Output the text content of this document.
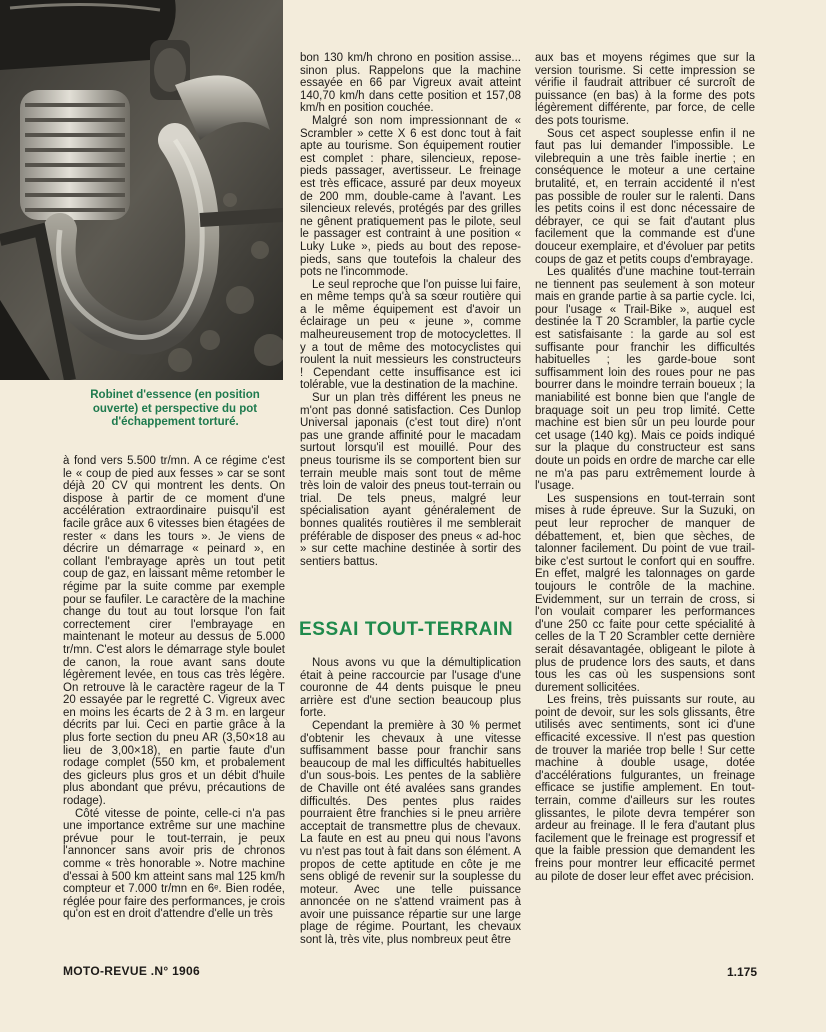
Robinet d'essence (en position ouverte) et perspective du pot d'échappement torturé.

à fond vers 5.500 tr/mn. A ce régime c'est le « coup de pied aux fesses » car se sont déjà 20 CV qui montrent les dents. On dispose à partir de ce moment d'une accélération extraordinaire puisqu'il est facile grâce aux 6 vitesses bien étagées de rester « dans les tours ». Je viens de décrire un démarrage « peinard », en collant l'embrayage après un tout petit coup de gaz, en laissant même retomber le régime par la suite comme par exemple pour se faufiler. Le caractère de la machine change du tout au tout lorsque l'on fait correctement cirer l'embrayage en maintenant le moteur au dessus de 5.000 tr/mn. C'est alors le démarrage style boulet de canon, la roue avant sans doute légèrement levée, en tous cas très légère. On retrouve là le caractère rageur de la T 20 essayée par le regretté C. Vigreux avec en moins les écarts de 2 à 3 m. en largeur décrits par lui. Ceci en partie grâce à la plus forte section du pneu AR (3,50×18 au lieu de 3,00×18), en partie faute d'un rodage complet (550 km, et probalement des gicleurs plus gros et un débit d'huile plus abondant que prévu, précautions de rodage).

Côté vitesse de pointe, celle-ci n'a pas une importance extrême sur une machine prévue pour le tout-terrain, je peux l'annoncer sans avoir pris de chronos comme « très honorable ». Notre machine d'essai à 500 km atteint sans mal 125 km/h compteur et 7.000 tr/mn en 6ᵉ. Bien rodée, réglée pour faire des performances, je crois qu'on est en droit d'attendre d'elle un très

bon 130 km/h chrono en position assise... sinon plus. Rappelons que la machine essayée en 66 par Vigreux avait atteint 140,70 km/h dans cette position et 157,08 km/h en position couchée.

Malgré son nom impressionnant de « Scrambler » cette X 6 est donc tout à fait apte au tourisme. Son équipement routier est complet : phare, silencieux, repose-pieds passager, avertisseur. Le freinage est très efficace, assuré par deux moyeux de 200 mm, double-came à l'avant. Les silencieux relevés, protégés par des grilles ne gênent pratiquement pas le pilote, seul le passager est contraint à une position « Luky Luke », pieds au bout des repose-pieds, sans que toutefois la chaleur des pots ne l'incommode.

Le seul reproche que l'on puisse lui faire, en même temps qu'à sa sœur routière qui a le même équipement est d'avoir un éclairage un peu « jeune », comme malheureusement trop de motocyclettes. Il y a tout de même des motocyclistes qui roulent la nuit messieurs les constructeurs ! Cependant cette insuffisance est ici tolérable, vue la destination de la machine.

Sur un plan très différent les pneus ne m'ont pas donné satisfaction. Ces Dunlop Universal japonais (c'est tout dire) n'ont pas une grande affinité pour le macadam surtout lorsqu'il est mouillé. Pour des pneus tourisme ils se comportent bien sur terrain meuble mais sont tout de même très loin de valoir des pneus tout-terrain ou trial. De tels pneus, malgré leur spécialisation ayant généralement de bonnes qualités routières il me semblerait préférable de disposer des pneus « ad-hoc » sur cette machine destinée à sortir des sentiers battus.

ESSAI TOUT-TERRAIN

Nous avons vu que la démultiplication était à peine raccourcie par l'usage d'une couronne de 44 dents puisque le pneu arrière est d'une section beaucoup plus forte.

Cependant la première à 30 % permet d'obtenir les chevaux à une vitesse suffisamment basse pour franchir sans beaucoup de mal les difficultés habituelles d'un sous-bois. Les pentes de la sablière de Chaville ont été avalées sans grandes difficultés. Des pentes plus raides pourraient être franchies si le pneu arrière acceptait de transmettre plus de chevaux. La faute en est au pneu qui nous l'avons vu n'est pas tout à fait dans son élément. A propos de cette aptitude en côte je me sens obligé de revenir sur la souplesse du moteur. Avec une telle puissance annoncée on ne s'attend vraiment pas à avoir une puissance répartie sur une large plage de régime. Pourtant, les chevaux sont là, très vite, plus nombreux peut être

aux bas et moyens régimes que sur la version tourisme. Si cette impression se vérifie il faudrait attribuer cé surcroît de puissance (en bas) à la forme des pots légèrement différente, par force, de celle des pots tourisme.

Sous cet aspect souplesse enfin il ne faut pas lui demander l'impossible. Le vilebrequin a une très faible inertie ; en conséquence le moteur a une certaine brutalité, et, en terrain accidenté il n'est pas possible de rouler sur le ralenti. Dans les petits coins il est donc nécessaire de débrayer, ce qui se fait d'autant plus facilement que la commande est d'une douceur exemplaire, et d'évoluer par petits coups de gaz et petits coups d'embrayage.

Les qualités d'une machine tout-terrain ne tiennent pas seulement à son moteur mais en grande partie à sa partie cycle. Ici, pour l'usage « Trail-Bike », auquel est destinée la T 20 Scrambler, la partie cycle est satisfaisante : la garde au sol est suffisante pour franchir les difficultés habituelles ; les garde-boue sont suffisamment loin des roues pour ne pas bourrer dans le moindre terrain boueux ; la maniabilité est bonne bien que l'angle de braquage soit un peu trop limité. Cette machine est bien sûr un peu lourde pour cet usage (140 kg). Mais ce poids indiqué sur la plaque du constructeur est sans doute un poids en ordre de marche car elle ne m'a pas paru extrêmement lourde à l'usage.

Les suspensions en tout-terrain sont mises à rude épreuve. Sur la Suzuki, on peut leur reprocher de manquer de débattement, et, bien que sèches, de talonner facilement. Du point de vue trail-bike c'est surtout le confort qui en souffre. En effet, malgré les talonnages on garde toujours le contrôle de la machine. Evidemment, sur un terrain de cross, si l'on voulait comparer les performances d'une 250 cc faite pour cette spécialité à celles de la T 20 Scrambler cette dernière serait désavantagée, obligeant le pilote à plus de prudence lors des sauts, et dans tous les cas où les suspensions sont durement sollicitées.

Les freins, très puissants sur route, au point de devoir, sur les sols glissants, être utilisés avec sentiments, sont ici d'une efficacité excessive. Il n'est pas question de trouver la mariée trop belle ! Sur cette machine à double usage, dotée d'accélérations fulgurantes, un freinage efficace se justifie amplement. En tout-terrain, comme d'ailleurs sur les routes glissantes, le pilote devra tempérer son ardeur au freinage. Il le fera d'autant plus facilement que le freinage est progressif et que la faible pression que demandent les freins pour montrer leur efficacité permet au pilote de doser leur effet avec précision.

MOTO-REVUE .N° 1906	1.175
